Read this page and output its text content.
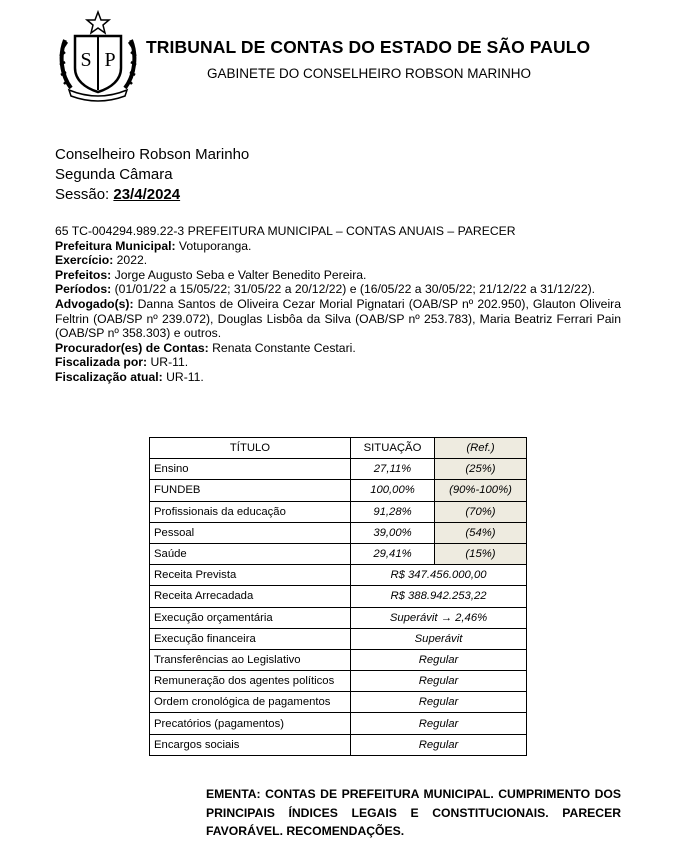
S P
TRIBUNAL DE CONTAS DO ESTADO DE SÃO PAULO
GABINETE DO CONSELHEIRO ROBSON MARINHO
Conselheiro Robson Marinho
Segunda Câmara
Sessão: 23/4/2024

65 TC-004294.989.22-3 PREFEITURA MUNICIPAL – CONTAS ANUAIS – PARECER

Prefeitura Municipal: Votuporanga.

Exercício: 2022.

Prefeitos: Jorge Augusto Seba e Valter Benedito Pereira.

Períodos: (01/01/22 a 15/05/22; 31/05/22 a 20/12/22) e (16/05/22 a 30/05/22; 21/12/22 a 31/12/22).

Advogado(s): Danna Santos de Oliveira Cezar Morial Pignatari (OAB/SP nº 202.950), Glauton Oliveira Feltrin (OAB/SP nº 239.072), Douglas Lisbôa da Silva (OAB/SP nº 253.783), Maria Beatriz Ferrari Pain (OAB/SP nº 358.303) e outros.

Procurador(es) de Contas: Renata Constante Cestari.

Fiscalizada por: UR-11.

Fiscalização atual: UR-11.

TÍTULO	SITUAÇÃO	(Ref.)
Ensino	27,11%	(25%)
FUNDEB	100,00%	(90%-100%)
Profissionais da educação	91,28%	(70%)
Pessoal	39,00%	(54%)
Saúde	29,41%	(15%)
Receita Prevista	R$ 347.456.000,00	
Receita Arrecadada	R$ 388.942.253,22	
Execução orçamentária	Superávit → 2,46%	
Execução financeira	Superávit	
Transferências ao Legislativo	Regular	
Remuneração dos agentes políticos	Regular	
Ordem cronológica de pagamentos	Regular	
Precatórios (pagamentos)	Regular	
Encargos sociais	Regular	
EMENTA: CONTAS DE PREFEITURA MUNICIPAL. CUMPRIMENTO DOS PRINCIPAIS ÍNDICES LEGAIS E CONSTITUCIONAIS. PARECER FAVORÁVEL. RECOMENDAÇÕES.
